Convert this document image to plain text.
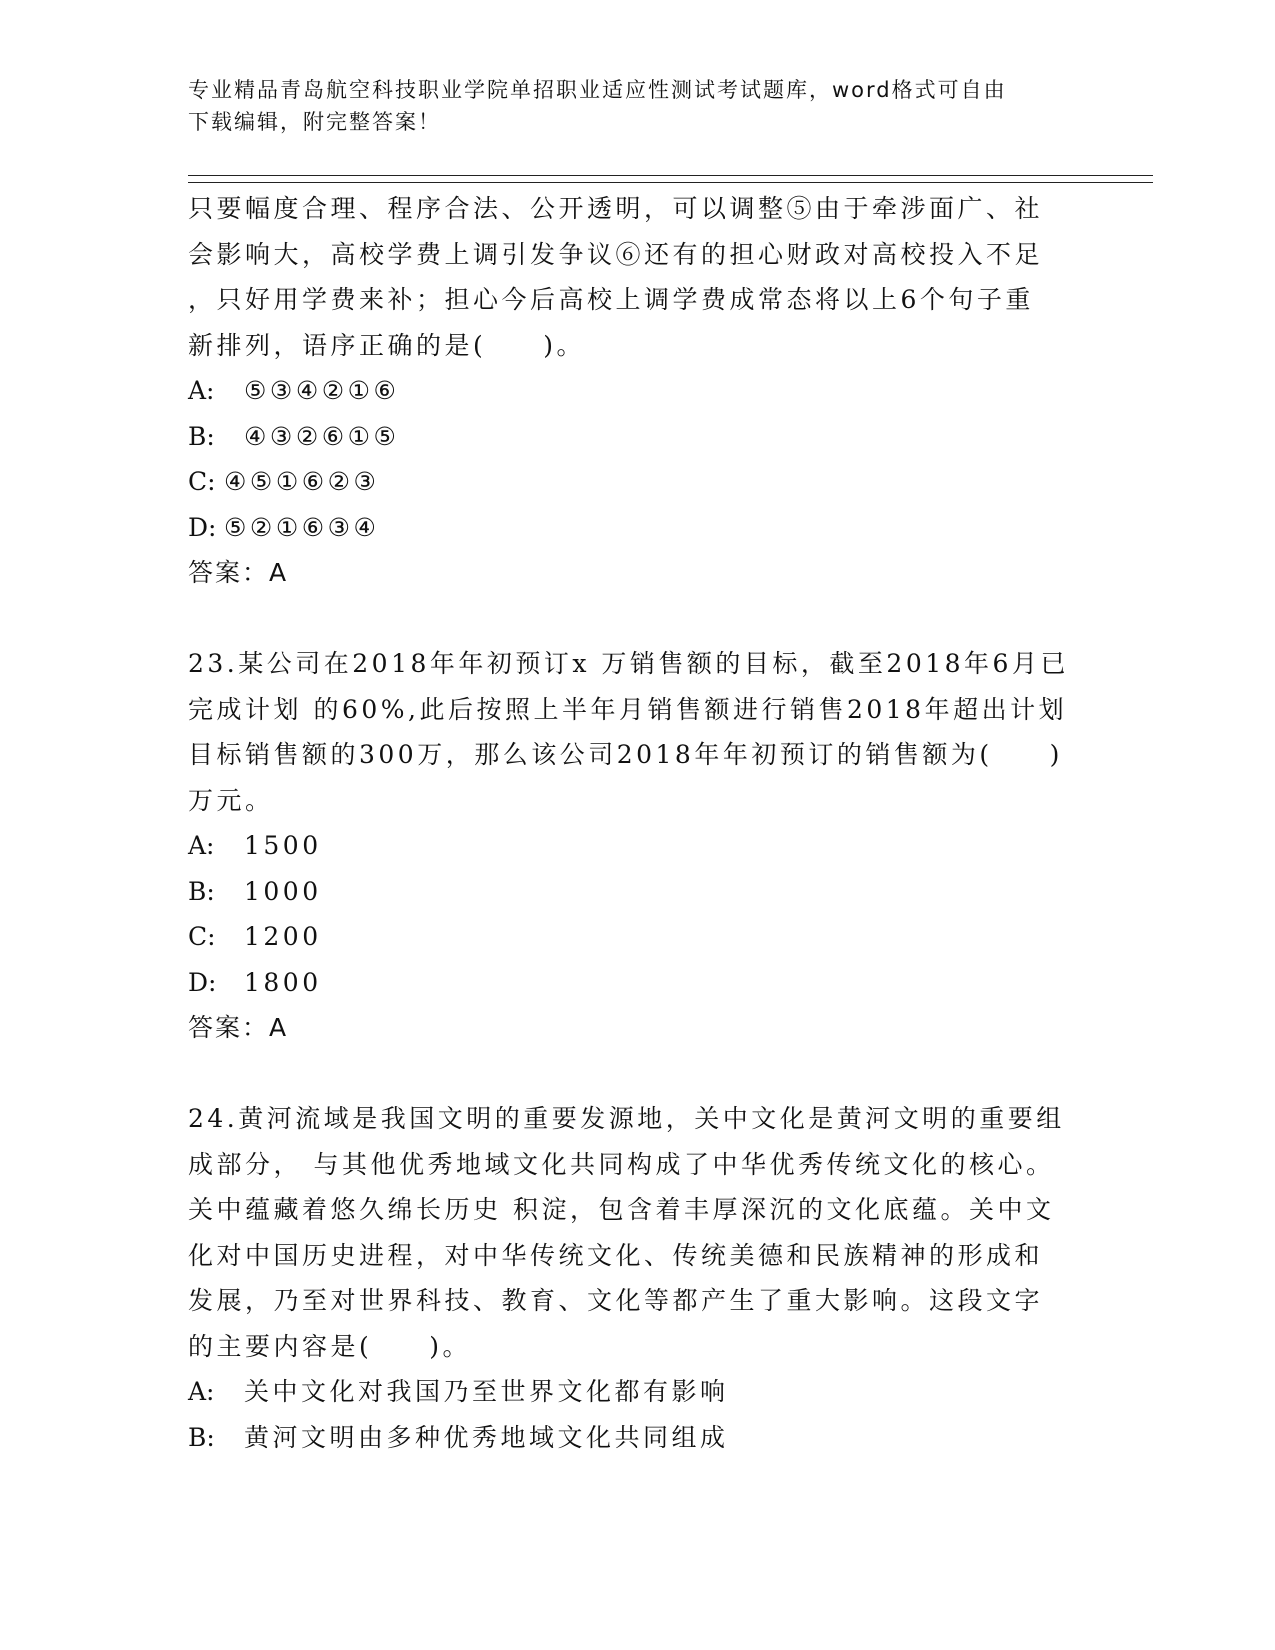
专业精品青岛航空科技职业学院单招职业适应性测试考试题库，word格式可自由
下载编辑，附完整答案！

只要幅度合理、程序合法、公开透明，可以调整⑤由于牵涉面广、社

会影响大，高校学费上调引发争议⑥还有的担心财政对高校投入不足

，只好用学费来补；担心今后高校上调学费成常态将以上6个句子重

新排列，语序正确的是(　　)。

A:	⑤③④②①⑥

B:	④③②⑥①⑤

C: ④⑤①⑥②③

D: ⑤②①⑥③④

答案：A

23.某公司在2018年年初预订x 万销售额的目标，截至2018年6月已

完成计划 的60%,此后按照上半年月销售额进行销售2018年超出计划

目标销售额的300万，那么该公司2018年年初预订的销售额为(　　)

万元。

A:	1500

B:	1000

C:	1200

D:	1800

答案：A

24.黄河流域是我国文明的重要发源地，关中文化是黄河文明的重要组

成部分， 与其他优秀地域文化共同构成了中华优秀传统文化的核心。

关中蕴藏着悠久绵长历史 积淀，包含着丰厚深沉的文化底蕴。关中文

化对中国历史进程，对中华传统文化、传统美德和民族精神的形成和

发展，乃至对世界科技、教育、文化等都产生了重大影响。这段文字

的主要内容是(　　)。

A:	关中文化对我国乃至世界文化都有影响

B:	黄河文明由多种优秀地域文化共同组成
